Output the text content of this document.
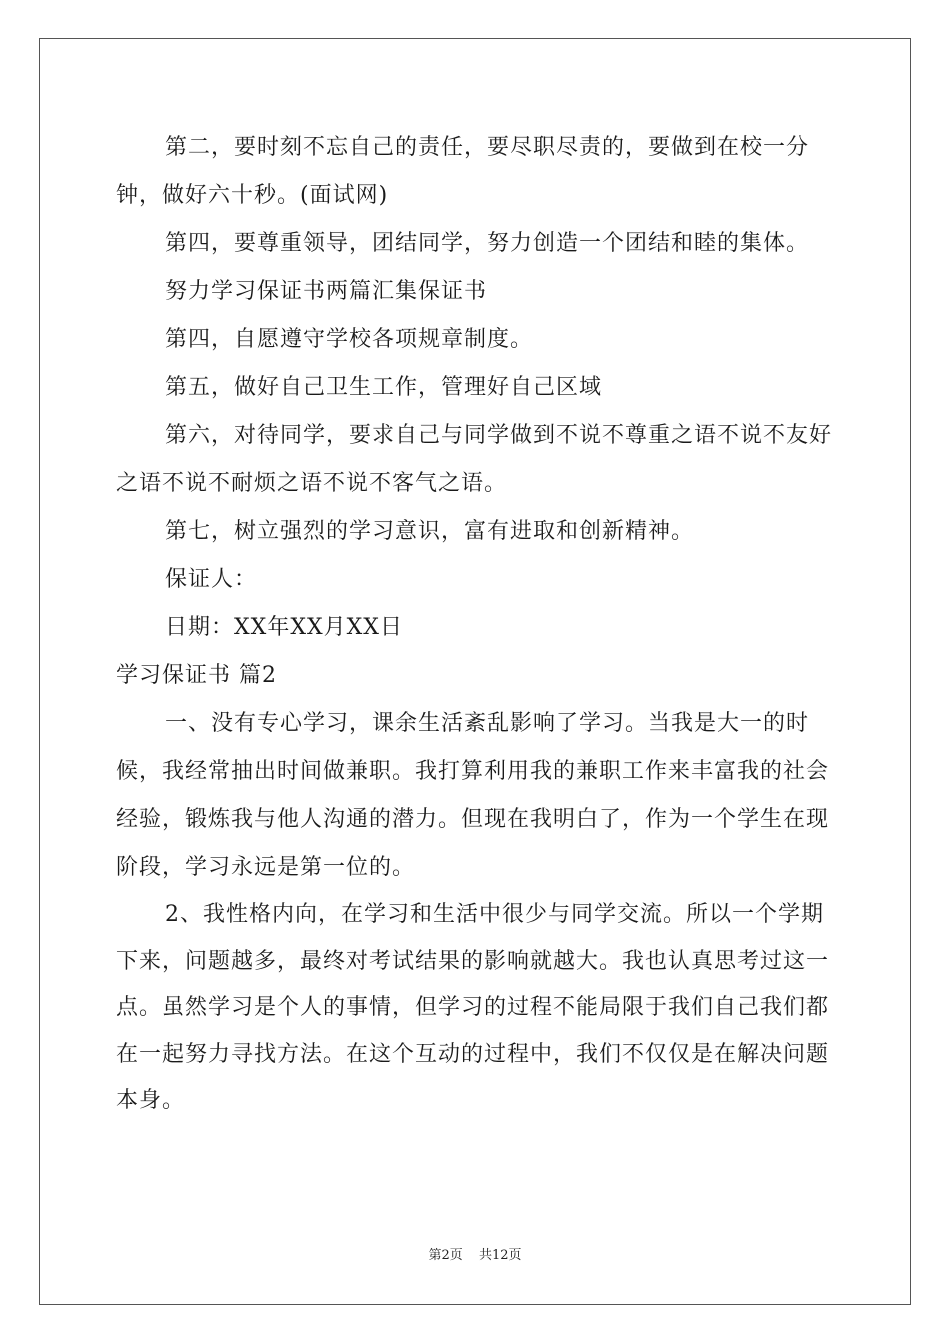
第二，要时刻不忘自己的责任，要尽职尽责的，要做到在校一分钟，做好六十秒。(面试网)

第四，要尊重领导，团结同学，努力创造一个团结和睦的集体。

努力学习保证书两篇汇集保证书

第四，自愿遵守学校各项规章制度。

第五，做好自己卫生工作，管理好自己区域

第六，对待同学，要求自己与同学做到不说不尊重之语不说不友好之语不说不耐烦之语不说不客气之语。

第七，树立强烈的学习意识，富有进取和创新精神。

保证人：

日期：XX年XX月XX日

学习保证书 篇2

一、没有专心学习，课余生活紊乱影响了学习。当我是大一的时候，我经常抽出时间做兼职。我打算利用我的兼职工作来丰富我的社会经验，锻炼我与他人沟通的潜力。但现在我明白了，作为一个学生在现阶段，学习永远是第一位的。

2、我性格内向，在学习和生活中很少与同学交流。所以一个学期下来，问题越多，最终对考试结果的影响就越大。我也认真思考过这一点。虽然学习是个人的事情，但学习的过程不能局限于我们自己我们都在一起努力寻找方法。在这个互动的过程中，我们不仅仅是在解决问题本身。

第2页 共12页
